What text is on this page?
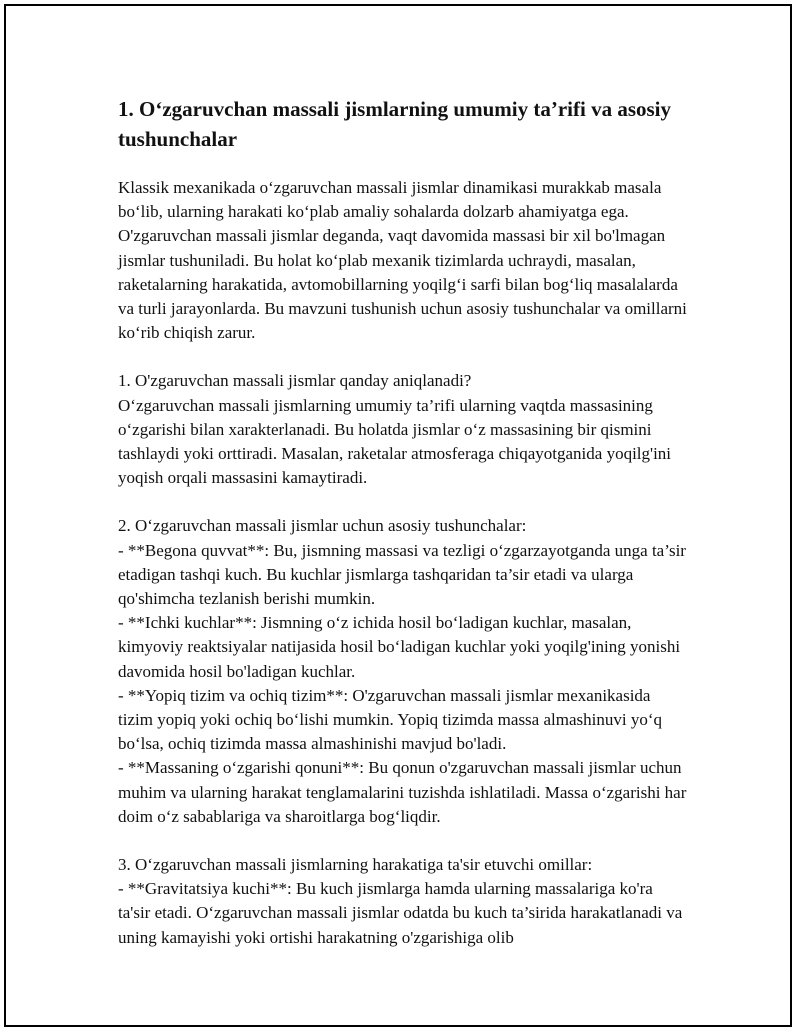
1. O‘zgaruvchan massali jismlarning umumiy ta’rifi va asosiy tushunchalar

Klassik mexanikada o‘zgaruvchan massali jismlar dinamikasi murakkab masala bo‘lib, ularning harakati ko‘plab amaliy sohalarda dolzarb ahamiyatga ega. O'zgaruvchan massali jismlar deganda, vaqt davomida massasi bir xil bo'lmagan jismlar tushuniladi. Bu holat ko‘plab mexanik tizimlarda uchraydi, masalan, raketalarning harakatida, avtomobillarning yoqilg‘i sarfi bilan bog‘liq masalalarda va turli jarayonlarda. Bu mavzuni tushunish uchun asosiy tushunchalar va omillarni ko‘rib chiqish zarur.

1. O'zgaruvchan massali jismlar qanday aniqlanadi?
O‘zgaruvchan massali jismlarning umumiy ta’rifi ularning vaqtda massasining o‘zgarishi bilan xarakterlanadi. Bu holatda jismlar o‘z massasining bir qismini tashlaydi yoki orttiradi. Masalan, raketalar atmosferaga chiqayotganida yoqilg'ini yoqish orqali massasini kamaytiradi.

2. O‘zgaruvchan massali jismlar uchun asosiy tushunchalar:
- **Begona quvvat**: Bu, jismning massasi va tezligi o‘zgarzayotganda unga ta’sir etadigan tashqi kuch. Bu kuchlar jismlarga tashqaridan ta’sir etadi va ularga qo'shimcha tezlanish berishi mumkin.
- **Ichki kuchlar**: Jismning o‘z ichida hosil bo‘ladigan kuchlar, masalan, kimyoviy reaktsiyalar natijasida hosil bo‘ladigan kuchlar yoki yoqilg'ining yonishi davomida hosil bo'ladigan kuchlar.
- **Yopiq tizim va ochiq tizim**: O'zgaruvchan massali jismlar mexanikasida tizim yopiq yoki ochiq bo‘lishi mumkin. Yopiq tizimda massa almashinuvi yo‘q bo‘lsa, ochiq tizimda massa almashinishi mavjud bo'ladi.
- **Massaning o‘zgarishi qonuni**: Bu qonun o'zgaruvchan massali jismlar uchun muhim va ularning harakat tenglamalarini tuzishda ishlatiladi. Massa o‘zgarishi har doim o‘z sabablariga va sharoitlarga bog‘liqdir.

3. O‘zgaruvchan massali jismlarning harakatiga ta'sir etuvchi omillar:
- **Gravitatsiya kuchi**: Bu kuch jismlarga hamda ularning massalariga ko'ra ta'sir etadi. O‘zgaruvchan massali jismlar odatda bu kuch ta’sirida harakatlanadi va uning kamayishi yoki ortishi harakatning o'zgarishiga olib
